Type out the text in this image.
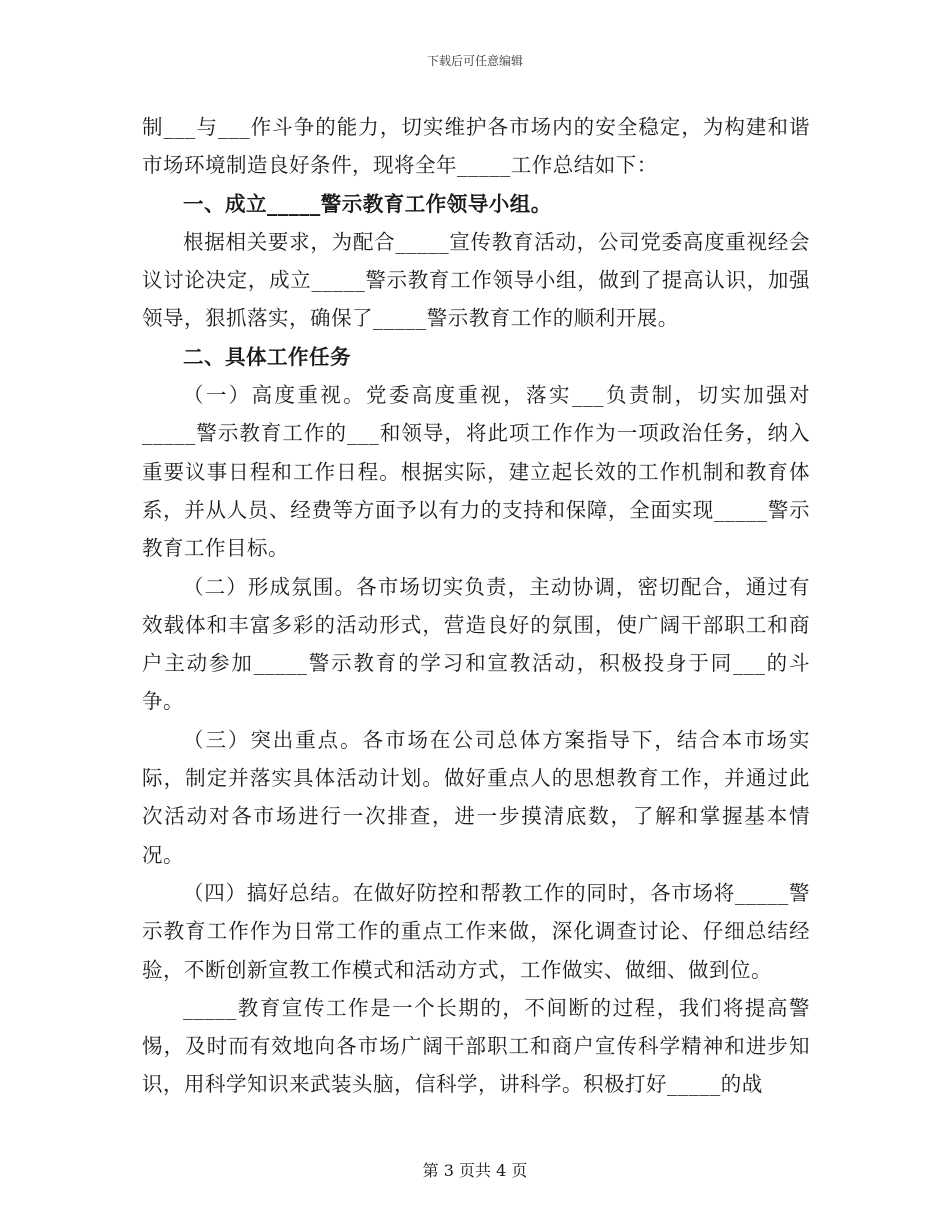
下载后可任意编辑

制___与___作斗争的能力，切实维护各市场内的安全稳定，为构建和谐市场环境制造良好条件，现将全年_____工作总结如下：

一、成立_____警示教育工作领导小组。

根据相关要求，为配合_____宣传教育活动，公司党委高度重视经会议讨论决定，成立_____警示教育工作领导小组，做到了提高认识，加强领导，狠抓落实，确保了_____警示教育工作的顺利开展。

二、具体工作任务

（一）高度重视。党委高度重视，落实___负责制，切实加强对_____警示教育工作的___和领导，将此项工作作为一项政治任务，纳入重要议事日程和工作日程。根据实际，建立起长效的工作机制和教育体系，并从人员、经费等方面予以有力的支持和保障，全面实现_____警示教育工作目标。

（二）形成氛围。各市场切实负责，主动协调，密切配合，通过有效载体和丰富多彩的活动形式，营造良好的氛围，使广阔干部职工和商户主动参加_____警示教育的学习和宣教活动，积极投身于同___的斗争。

（三）突出重点。各市场在公司总体方案指导下，结合本市场实际，制定并落实具体活动计划。做好重点人的思想教育工作，并通过此次活动对各市场进行一次排查，进一步摸清底数，了解和掌握基本情况。

（四）搞好总结。在做好防控和帮教工作的同时，各市场将_____警示教育工作作为日常工作的重点工作来做，深化调查讨论、仔细总结经验，不断创新宣教工作模式和活动方式，工作做实、做细、做到位。

_____教育宣传工作是一个长期的，不间断的过程，我们将提高警惕，及时而有效地向各市场广阔干部职工和商户宣传科学精神和进步知识，用科学知识来武装头脑，信科学，讲科学。积极打好_____的战

第 3 页共 4 页
